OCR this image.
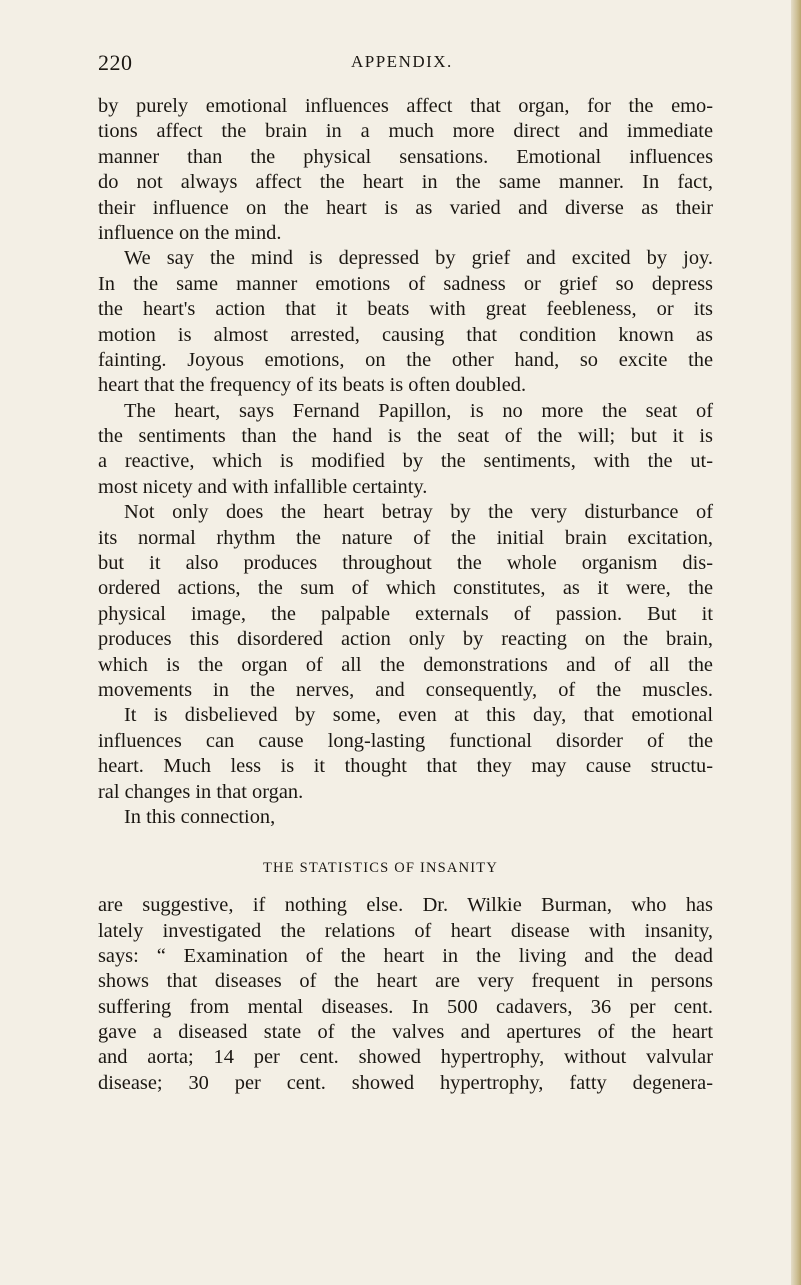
220	APPENDIX.
by purely emotional influences affect that organ, for the emo-
tions affect the brain in a much more direct and immediate
manner than the physical sensations. Emotional influences
do not always affect the heart in the same manner. In fact,
their influence on the heart is as varied and diverse as their
influence on the mind.
We say the mind is depressed by grief and excited by joy.
In the same manner emotions of sadness or grief so depress
the heart's action that it beats with great feebleness, or its
motion is almost arrested, causing that condition known as
fainting. Joyous emotions, on the other hand, so excite the
heart that the frequency of its beats is often doubled.
The heart, says Fernand Papillon, is no more the seat of
the sentiments than the hand is the seat of the will; but it is
a reactive, which is modified by the sentiments, with the ut-
most nicety and with infallible certainty.
Not only does the heart betray by the very disturbance of
its normal rhythm the nature of the initial brain excitation,
but it also produces throughout the whole organism dis-
ordered actions, the sum of which constitutes, as it were, the
physical image, the palpable externals of passion. But it
produces this disordered action only by reacting on the brain,
which is the organ of all the demonstrations and of all the
movements in the nerves, and consequently, of the muscles.
It is disbelieved by some, even at this day, that emotional
influences can cause long-lasting functional disorder of the
heart. Much less is it thought that they may cause structu-
ral changes in that organ.
In this connection,
THE STATISTICS OF INSANITY
are suggestive, if nothing else. Dr. Wilkie Burman, who has
lately investigated the relations of heart disease with insanity,
says: “ Examination of the heart in the living and the dead
shows that diseases of the heart are very frequent in persons
suffering from mental diseases. In 500 cadavers, 36 per cent.
gave a diseased state of the valves and apertures of the heart
and aorta; 14 per cent. showed hypertrophy, without valvular
disease; 30 per cent. showed hypertrophy, fatty degenera-
